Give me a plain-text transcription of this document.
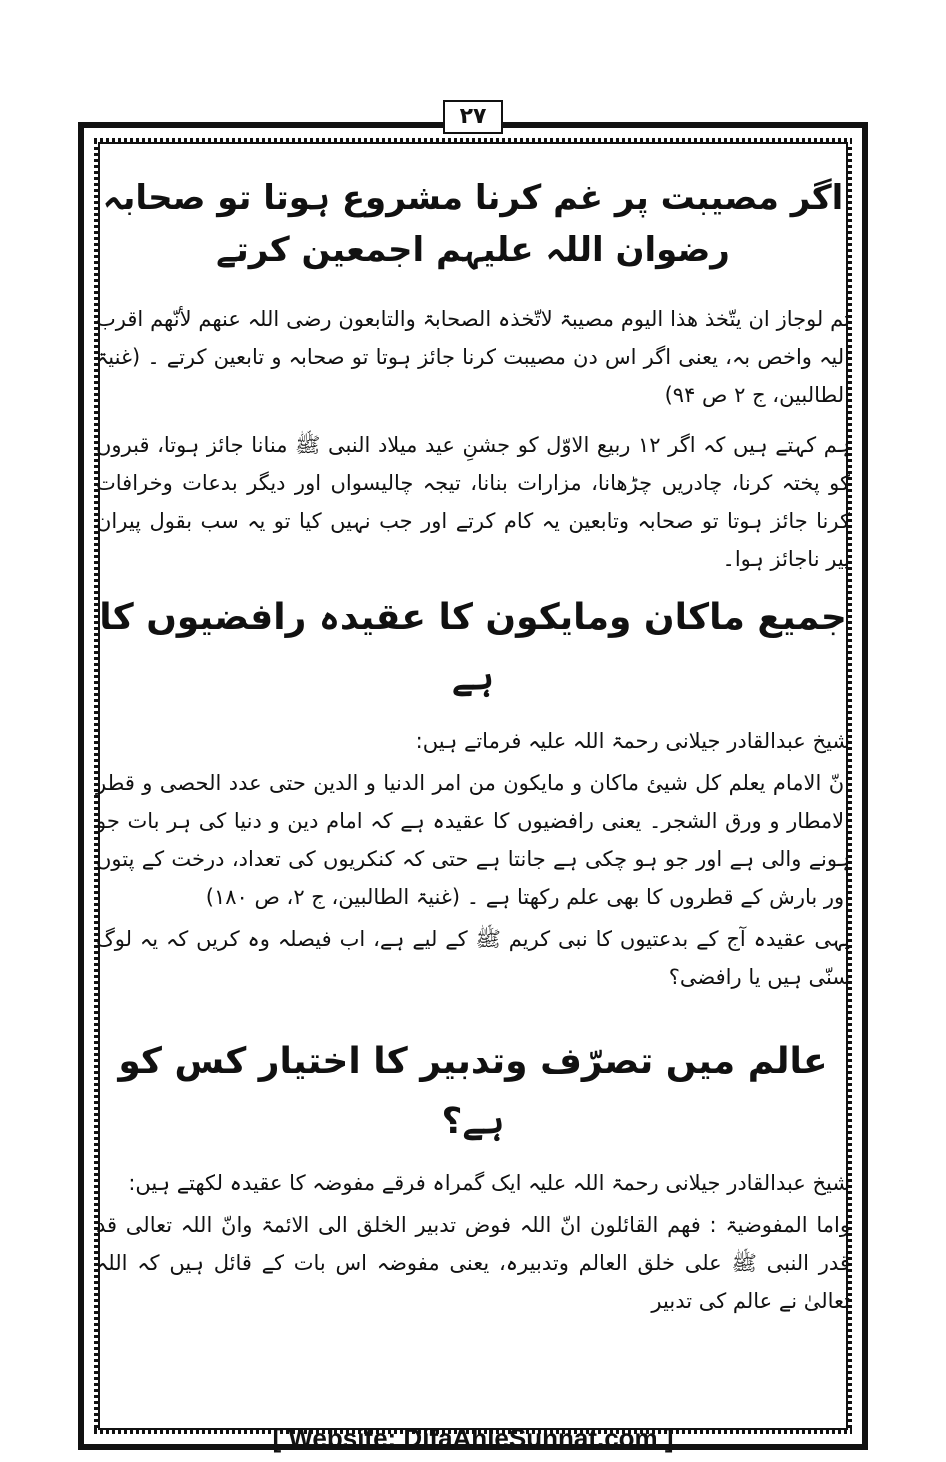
۲۷
اگر مصیبت پر غم کرنا مشروع ہوتا تو صحابہ رضوان اللہ علیہم اجمعین کرتے

ثم لوجاز ان یتّخذ ھذا الیوم مصیبۃ لاتّخذہ الصحابۃ والتابعون رضی اللہ عنھم لأنّھم اقرب الیہ واخص بہ، یعنی اگر اس دن مصیبت کرنا جائز ہوتا تو صحابہ و تابعین کرتے ۔ (غنیۃ الطالبین، ج ۲ ص ۹۴)

ہم کہتے ہیں کہ اگر ۱۲ ربیع الاوّل کو جشنِ عید میلاد النبی ﷺ منانا جائز ہوتا، قبروں کو پختہ کرنا، چادریں چڑھانا، مزارات بنانا، تیجہ چالیسواں اور دیگر بدعات وخرافات کرنا جائز ہوتا تو صحابہ وتابعین یہ کام کرتے اور جب نہیں کیا تو یہ سب بقول پیران پیر ناجائز ہوا۔

جمیع ماکان ومایکون کا عقیدہ رافضیوں کا ہے

شیخ عبدالقادر جیلانی رحمۃ اللہ علیہ فرماتے ہیں:

انّ الامام یعلم کل شیئ ماکان و مایکون من امر الدنیا و الدین حتی عدد الحصی و قطر الامطار و ورق الشجر۔ یعنی رافضیوں کا عقیدہ ہے کہ امام دین و دنیا کی ہر بات جو ہونے والی ہے اور جو ہو چکی ہے جانتا ہے حتی کہ کنکریوں کی تعداد، درخت کے پتوں اور بارش کے قطروں کا بھی علم رکھتا ہے ۔ (غنیۃ الطالبین، ج ۲، ص ۱۸۰)

یہی عقیدہ آج کے بدعتیوں کا نبی کریم ﷺ کے لیے ہے، اب فیصلہ وہ کریں کہ یہ لوگ سنّی ہیں یا رافضی؟

عالم میں تصرّف وتدبیر کا اختیار کس کو ہے؟

شیخ عبدالقادر جیلانی رحمۃ اللہ علیہ ایک گمراہ فرقے مفوضہ کا عقیدہ لکھتے ہیں:

واما المفوضیۃ : فھم القائلون انّ اللہ فوض تدبیر الخلق الی الائمۃ وانّ اللہ تعالی قد قدر النبی ﷺ علی خلق العالم وتدبیرہ، یعنی مفوضہ اس بات کے قائل ہیں کہ اللہ تعالیٰ نے عالم کی تدبیر

[ Website: DifaAhleSunnat.com ]
